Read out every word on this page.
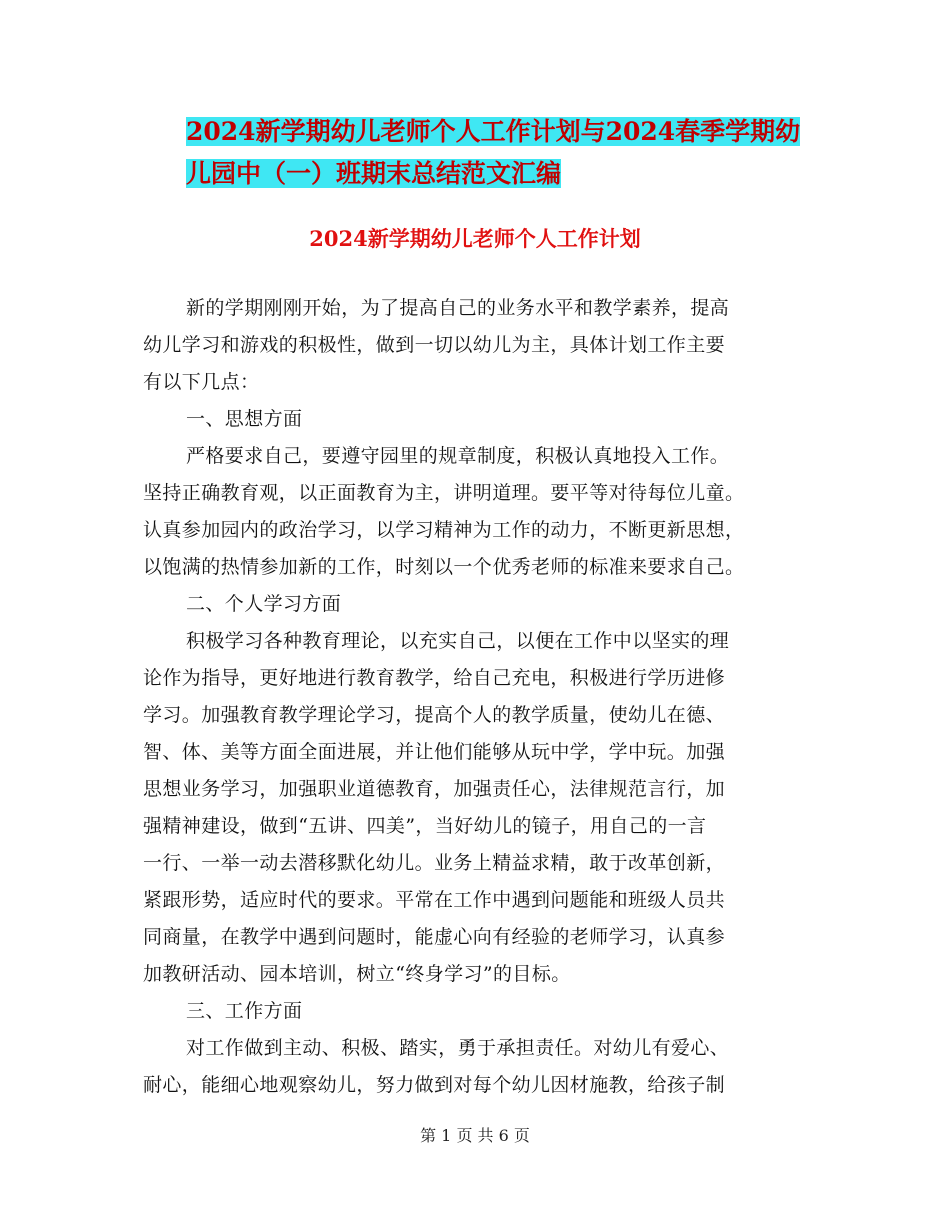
2024新学期幼儿老师个人工作计划与2024春季学期幼
儿园中（一）班期末总结范文汇编
2024新学期幼儿老师个人工作计划
新的学期刚刚开始，为了提高自己的业务水平和教学素养，提高
幼儿学习和游戏的积极性，做到一切以幼儿为主，具体计划工作主要
有以下几点：
一、思想方面
严格要求自己，要遵守园里的规章制度，积极认真地投入工作。
坚持正确教育观，以正面教育为主，讲明道理。要平等对待每位儿童。
认真参加园内的政治学习，以学习精神为工作的动力，不断更新思想，
以饱满的热情参加新的工作，时刻以一个优秀老师的标准来要求自己。
二、个人学习方面
积极学习各种教育理论，以充实自己，以便在工作中以坚实的理
论作为指导，更好地进行教育教学，给自己充电，积极进行学历进修
学习。加强教育教学理论学习，提高个人的教学质量，使幼儿在德、
智、体、美等方面全面进展，并让他们能够从玩中学，学中玩。加强
思想业务学习，加强职业道德教育，加强责任心，法律规范言行，加
强精神建设，做到“五讲、四美”，当好幼儿的镜子，用自己的一言
一行、一举一动去潜移默化幼儿。业务上精益求精，敢于改革创新，
紧跟形势，适应时代的要求。平常在工作中遇到问题能和班级人员共
同商量，在教学中遇到问题时，能虚心向有经验的老师学习，认真参
加教研活动、园本培训，树立“终身学习”的目标。
三、工作方面
对工作做到主动、积极、踏实，勇于承担责任。对幼儿有爱心、
耐心，能细心地观察幼儿，努力做到对每个幼儿因材施教，给孩子制
第 1 页 共 6 页
